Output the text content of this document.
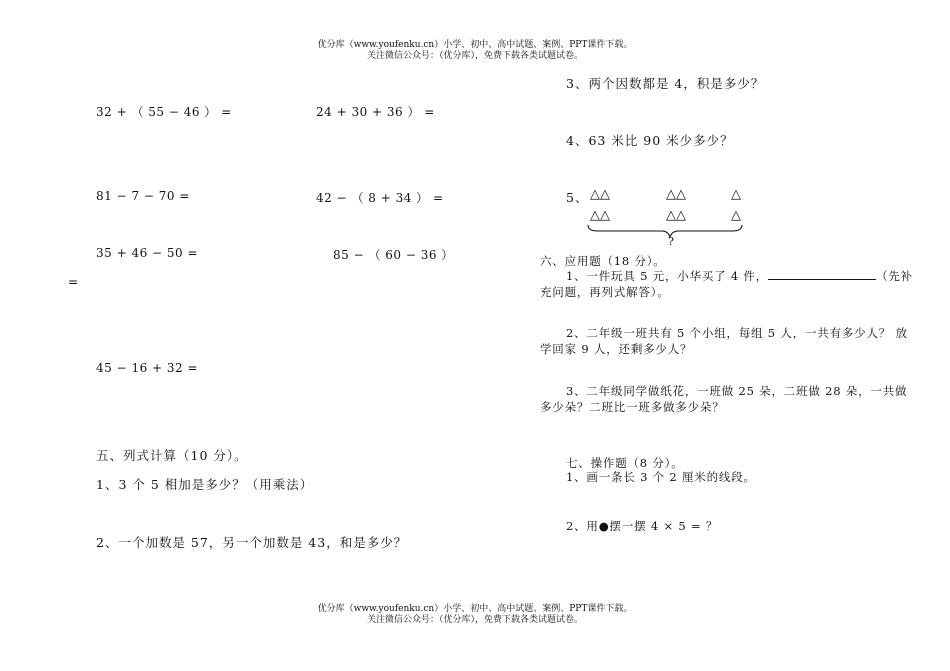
优分库（www.youfenku.cn）小学、初中、高中试题、案例、PPT课件下载。
关注微信公众号：（优分库），免费下载各类试题试卷。
32 + （ 55 − 46 ） =	24 + 30 + 36 ） =
81 − 7 − 70 =	42 − （ 8 + 34 ） =
35 + 46 − 50 =	85 − （ 60 − 36 ）
=
45 − 16 + 32 =
五、列式计算（10 分）。
1、3 个 5 相加是多少？（用乘法）
2、一个加数是 57，另一个加数是 43，和是多少？
3、两个因数都是 4，积是多少？
4、63 米比 90 米少多少？
5、 △△	△△	△
△△	△△	△
?
六、应用题（18 分）。
1、一件玩具 5 元，小华买了 4 件，	（先补
充问题，再列式解答）。
2、二年级一班共有 5 个小组，每组 5 人，一共有多少人？ 放
学回家 9 人，还剩多少人？
3、二年级同学做纸花，一班做 25 朵，二班做 28 朵，一共做
多少朵？二班比一班多做多少朵？
七、操作题（8 分）。
1、画一条长 3 个 2 厘米的线段。
2、用●摆一摆 4 × 5 = ？
优分库（www.youfenku.cn）小学、初中、高中试题、案例、PPT课件下载。
关注微信公众号：（优分库），免费下载各类试题试卷。
